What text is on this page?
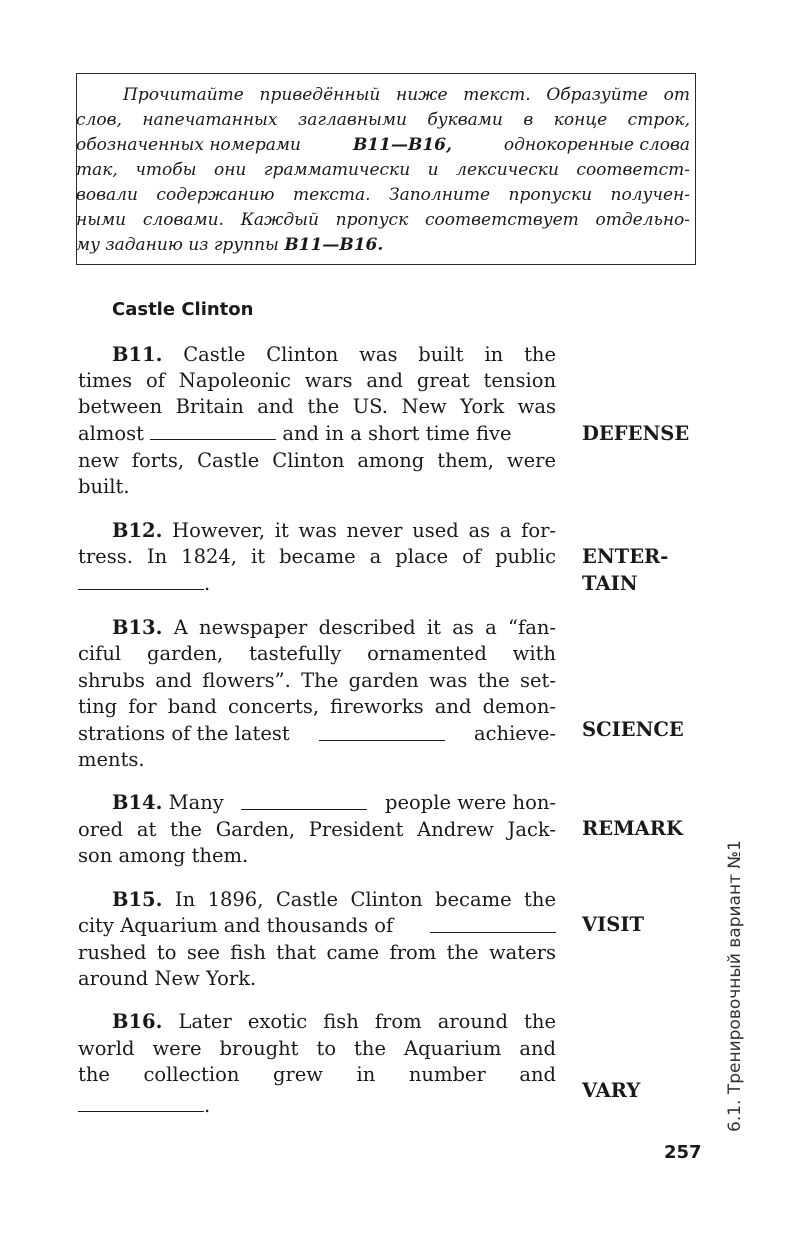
Прочитайте приведённый ниже текст. Образуйте от
слов, напечатанных заглавными буквами в конце строк,
обозначенных номерами	B11—B16,	однокоренные слова
так, чтобы они грамматически и лексически соответст-
вовали содержанию текста. Заполните пропуски получен-
ными словами. Каждый пропуск соответствует отдельно-
му заданию из группы B11—B16.
Castle Clinton
B11. Castle Clinton was built in the
times of Napoleonic wars and great tension
between Britain and the US. New York was
almost	and in a short time five
new forts, Castle Clinton among them, were
built.
DEFENSE
B12. However, it was never used as a for-
tress. In 1824, it became a place of public
.
ENTER-
TAIN
B13. A newspaper described it as a “fan-
ciful garden, tastefully ornamented with
shrubs and flowers”. The garden was the set-
ting for band concerts, fireworks and demon-
strations of the latest	achieve-
ments.
SCIENCE
B14. Many	people were hon-
ored at the Garden, President Andrew Jack-
son among them.
REMARK
B15. In 1896, Castle Clinton became the
city Aquarium and thousands of
rushed to see fish that came from the waters
around New York.
VISIT
B16. Later exotic fish from around the
world were brought to the Aquarium and
the collection grew in number and
.
VARY	6.1. Тренировочный вариант №1
257
